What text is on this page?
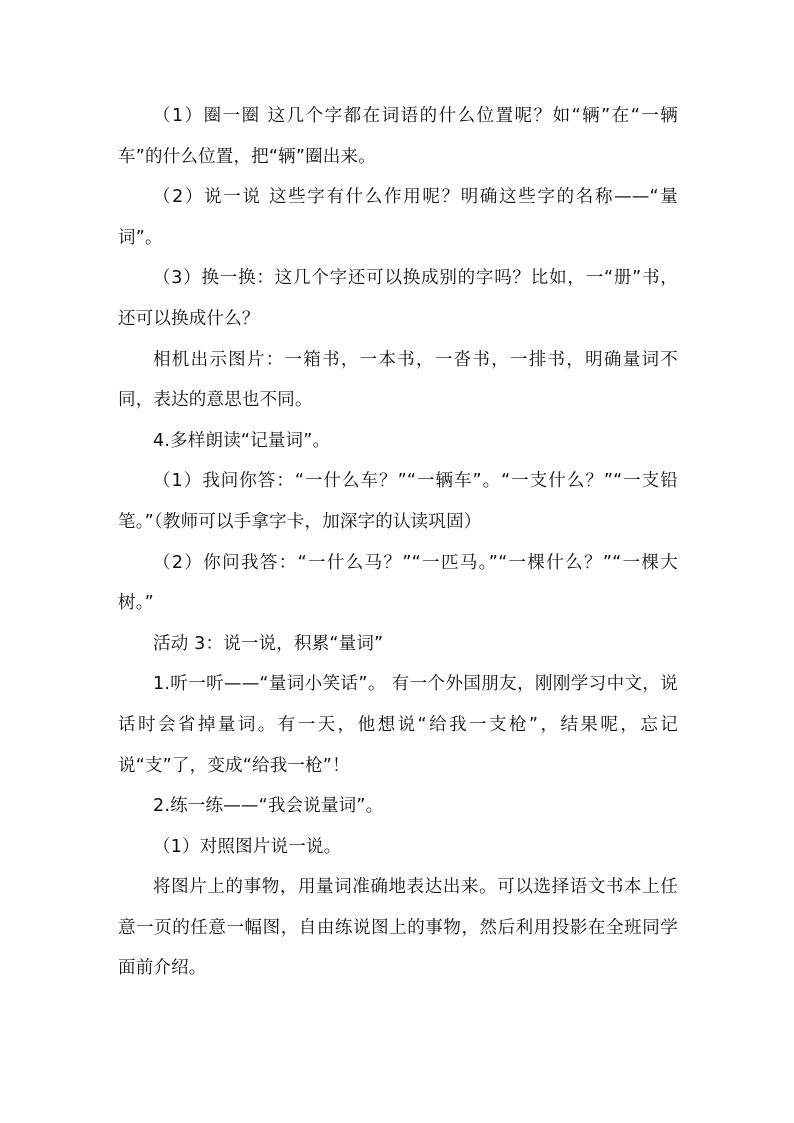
（1）圈一圈 这几个字都在词语的什么位置呢？如“辆”在“一辆车”的什么位置，把“辆”圈出来。

（2）说一说 这些字有什么作用呢？明确这些字的名称——“量词”。

（3）换一换：这几个字还可以换成别的字吗？比如，一“册”书，还可以换成什么？

相机出示图片：一箱书，一本书，一沓书，一排书，明确量词不同，表达的意思也不同。

4.多样朗读“记量词”。

（1）我问你答：“一什么车？”“一辆车”。“一支什么？”“一支铅笔。”（教师可以手拿字卡，加深字的认读巩固）

（2）你问我答：“一什么马？”“一匹马。”“一棵什么？”“一棵大树。”

活动 3：说一说，积累“量词”

1.听一听——“量词小笑话”。 有一个外国朋友，刚刚学习中文，说话时会省掉量词。有一天，他想说“给我一支枪”，结果呢，忘记说“支”了，变成“给我一枪”！

2.练一练——“我会说量词”。

（1）对照图片说一说。

将图片上的事物，用量词准确地表达出来。可以选择语文书本上任意一页的任意一幅图，自由练说图上的事物，然后利用投影在全班同学面前介绍。
